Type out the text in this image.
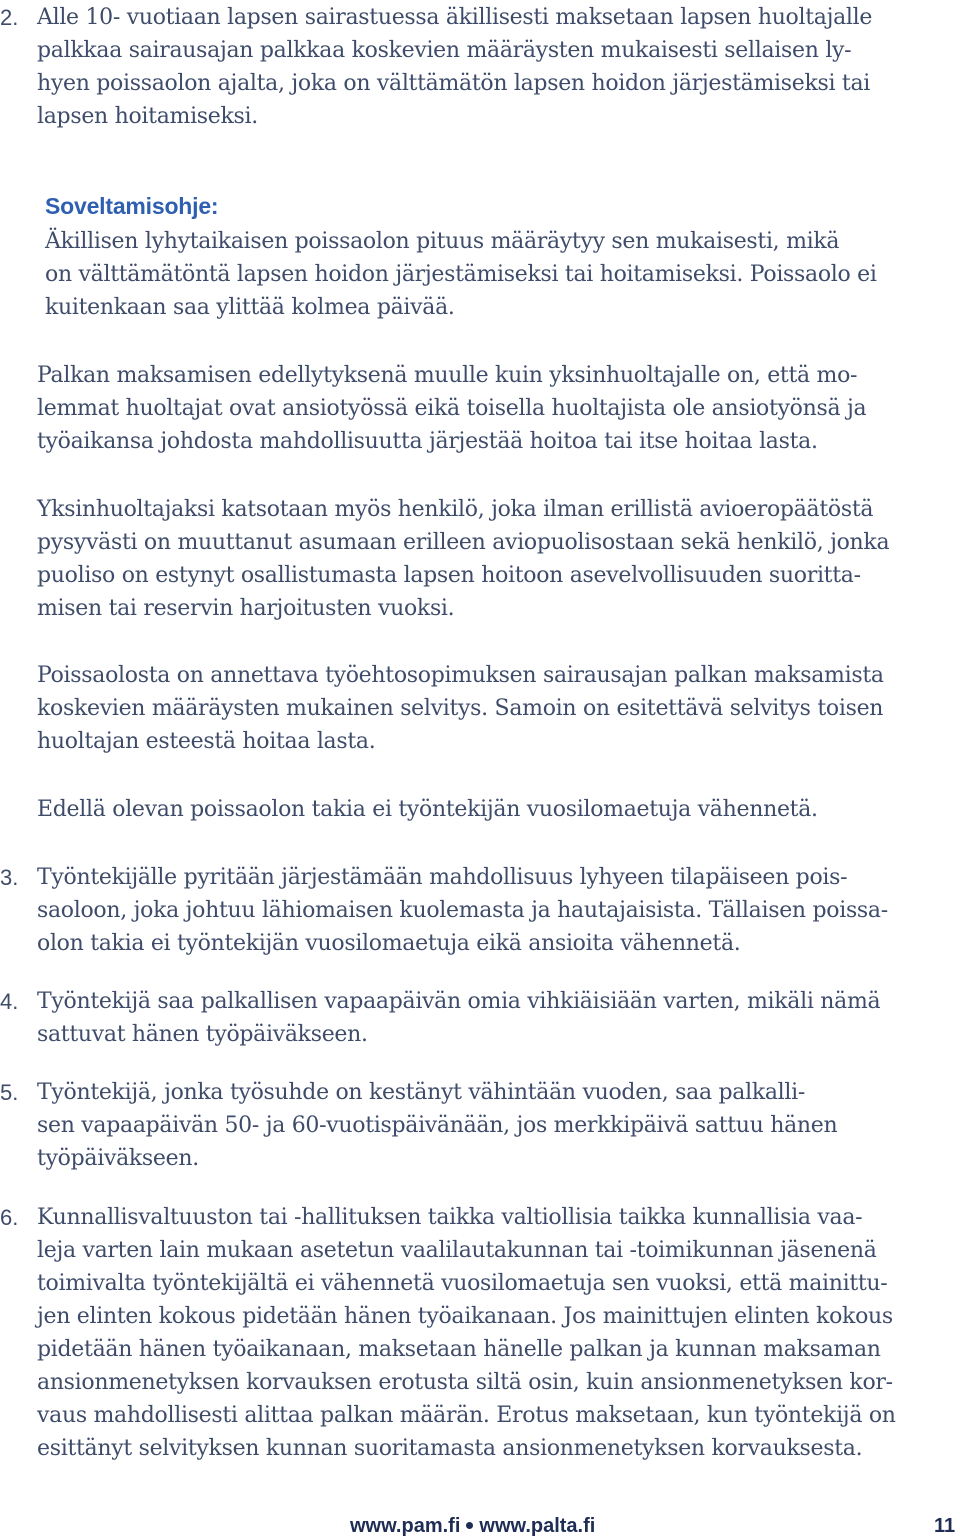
2. Alle 10- vuotiaan lapsen sairastuessa äkillisesti maksetaan lapsen huoltajalle
palkkaa sairausajan palkkaa koskevien määräysten mukaisesti sellaisen ly-
hyen poissaolon ajalta, joka on välttämätön lapsen hoidon järjestämiseksi tai
lapsen hoitamiseksi.
Soveltamisohje:
Äkillisen lyhytaikaisen poissaolon pituus määräytyy sen mukaisesti, mikä
on välttämätöntä lapsen hoidon järjestämiseksi tai hoitamiseksi. Poissaolo ei
kuitenkaan saa ylittää kolmea päivää.
Palkan maksamisen edellytyksenä muulle kuin yksinhuoltajalle on, että mo-
lemmat huoltajat ovat ansiotyössä eikä toisella huoltajista ole ansiotyönsä ja
työaikansa johdosta mahdollisuutta järjestää hoitoa tai itse hoitaa lasta.
Yksinhuoltajaksi katsotaan myös henkilö, joka ilman erillistä avioeropäätöstä
pysyvästi on muuttanut asumaan erilleen aviopuolisostaan sekä henkilö, jonka
puoliso on estynyt osallistumasta lapsen hoitoon asevelvollisuuden suoritta-
misen tai reservin harjoitusten vuoksi.
Poissaolosta on annettava työehtosopimuksen sairausajan palkan maksamista
koskevien määräysten mukainen selvitys. Samoin on esitettävä selvitys toisen
huoltajan esteestä hoitaa lasta.
Edellä olevan poissaolon takia ei työntekijän vuosilomaetuja vähennetä.
3. Työntekijälle pyritään järjestämään mahdollisuus lyhyeen tilapäiseen pois-
saoloon, joka johtuu lähiomaisen kuolemasta ja hautajaisista. Tällaisen poissa-
olon takia ei työntekijän vuosilomaetuja eikä ansioita vähennetä.
4. Työntekijä saa palkallisen vapaapäivän omia vihkiäisiään varten, mikäli nämä
sattuvat hänen työpäiväkseen.
5. Työntekijä, jonka työsuhde on kestänyt vähintään vuoden, saa palkalli-
sen vapaapäivän 50- ja 60-vuotispäivänään, jos merkkipäivä sattuu hänen
työpäiväkseen.
6. Kunnallisvaltuuston tai -hallituksen taikka valtiollisia taikka kunnallisia vaa-
leja varten lain mukaan asetetun vaalilautakunnan tai -toimikunnan jäsenenä
toimivalta työntekijältä ei vähennetä vuosilomaetuja sen vuoksi, että mainittu-
jen elinten kokous pidetään hänen työaikanaan. Jos mainittujen elinten kokous
pidetään hänen työaikanaan, maksetaan hänelle palkan ja kunnan maksaman
ansionmenetyksen korvauksen erotusta siltä osin, kuin ansionmenetyksen kor-
vaus mahdollisesti alittaa palkan määrän. Erotus maksetaan, kun työntekijä on
esittänyt selvityksen kunnan suoritamasta ansionmenetyksen korvauksesta.
www.pam.fi www.palta.fi	11
